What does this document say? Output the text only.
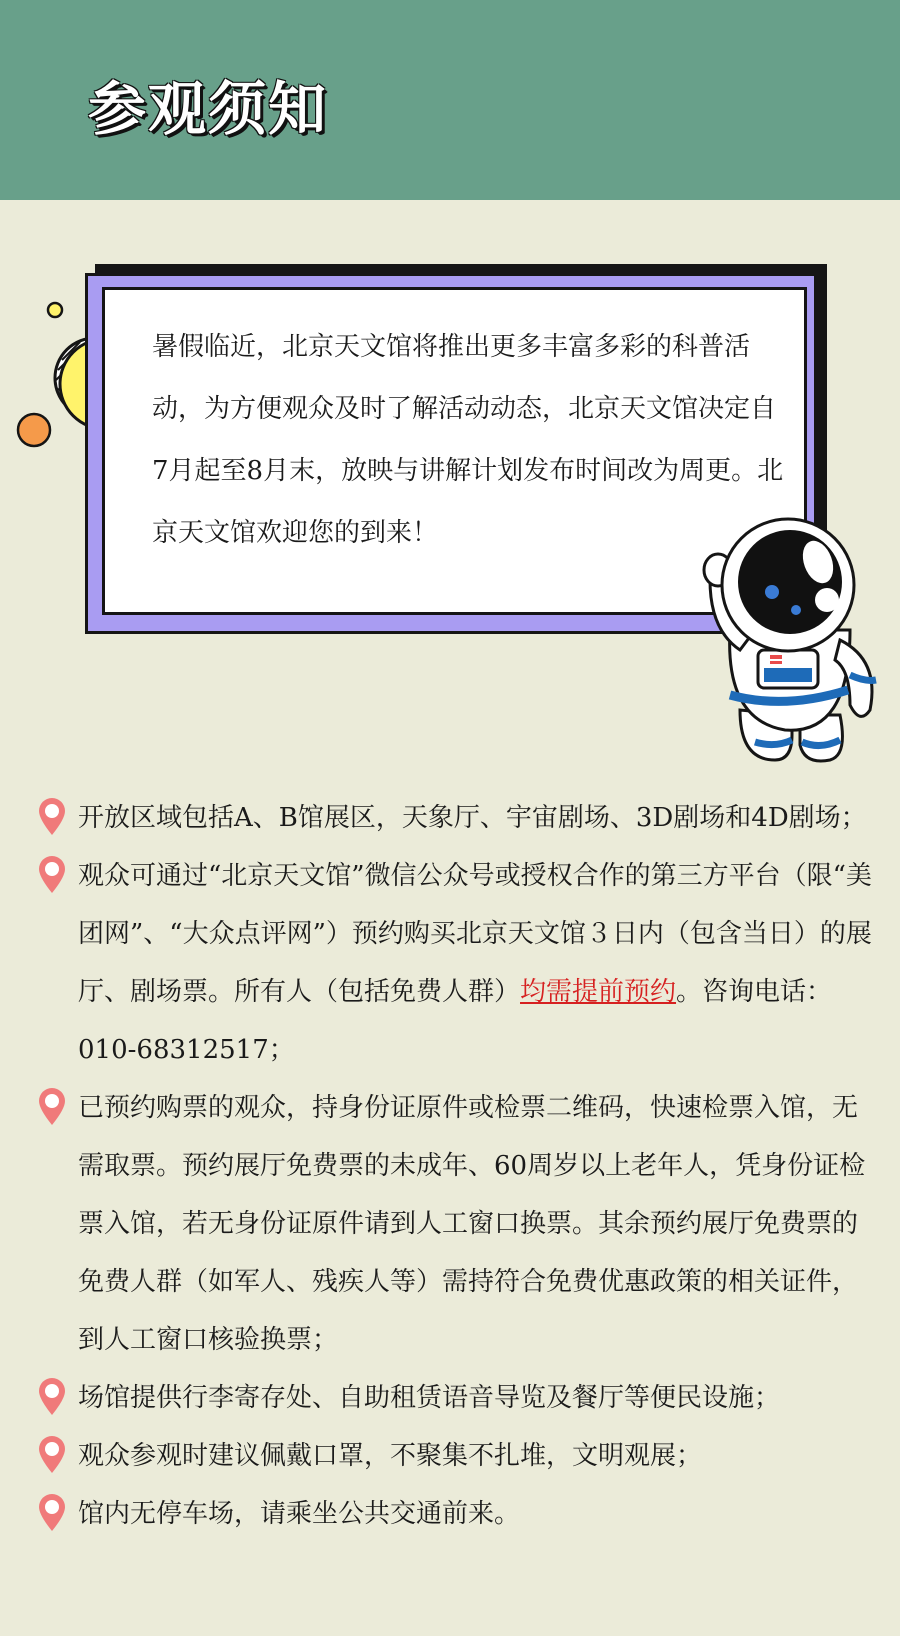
参观须知

暑假临近，北京天文馆将推出更多丰富多彩的科普活动，为方便观众及时了解活动动态，北京天文馆决定自7月起至8月末，放映与讲解计划发布时间改为周更。北京天文馆欢迎您的到来！

开放区域包括A、B馆展区，天象厅、宇宙剧场、3D剧场和4D剧场；
观众可通过“北京天文馆”微信公众号或授权合作的第三方平台（限“美团网”、“大众点评网”）预约购买北京天文馆３日内（包含当日）的展厅、剧场票。所有人（包括免费人群）均需提前预约。咨询电话：010-68312517；
已预约购票的观众，持身份证原件或检票二维码，快速检票入馆，无需取票。预约展厅免费票的未成年、60周岁以上老年人，凭身份证检票入馆，若无身份证原件请到人工窗口换票。其余预约展厅免费票的免费人群（如军人、残疾人等）需持符合免费优惠政策的相关证件，到人工窗口核验换票；
场馆提供行李寄存处、自助租赁语音导览及餐厅等便民设施；
观众参观时建议佩戴口罩，不聚集不扎堆，文明观展；
馆内无停车场，请乘坐公共交通前来。
